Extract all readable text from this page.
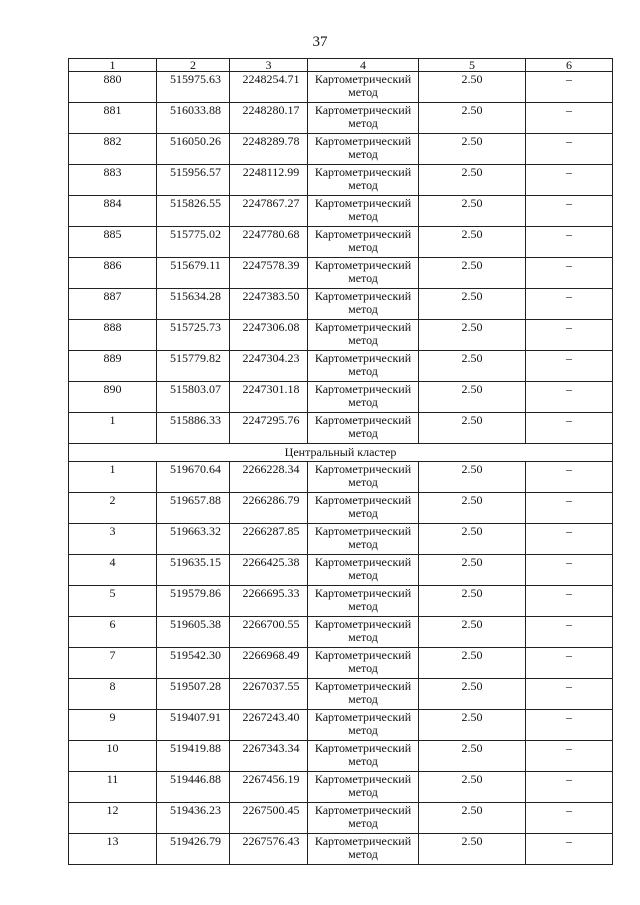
37
1	2	3	4	5	6
880	515975.63	2248254.71	Картометрический метод	2.50	–
881	516033.88	2248280.17	Картометрический метод	2.50	–
882	516050.26	2248289.78	Картометрический метод	2.50	–
883	515956.57	2248112.99	Картометрический метод	2.50	–
884	515826.55	2247867.27	Картометрический метод	2.50	–
885	515775.02	2247780.68	Картометрический метод	2.50	–
886	515679.11	2247578.39	Картометрический метод	2.50	–
887	515634.28	2247383.50	Картометрический метод	2.50	–
888	515725.73	2247306.08	Картометрический метод	2.50	–
889	515779.82	2247304.23	Картометрический метод	2.50	–
890	515803.07	2247301.18	Картометрический метод	2.50	–
1	515886.33	2247295.76	Картометрический метод	2.50	–
Центральный кластер					
1	519670.64	2266228.34	Картометрический метод	2.50	–
2	519657.88	2266286.79	Картометрический метод	2.50	–
3	519663.32	2266287.85	Картометрический метод	2.50	–
4	519635.15	2266425.38	Картометрический метод	2.50	–
5	519579.86	2266695.33	Картометрический метод	2.50	–
6	519605.38	2266700.55	Картометрический метод	2.50	–
7	519542.30	2266968.49	Картометрический метод	2.50	–
8	519507.28	2267037.55	Картометрический метод	2.50	–
9	519407.91	2267243.40	Картометрический метод	2.50	–
10	519419.88	2267343.34	Картометрический метод	2.50	–
11	519446.88	2267456.19	Картометрический метод	2.50	–
12	519436.23	2267500.45	Картометрический метод	2.50	–
13	519426.79	2267576.43	Картометрический метод	2.50	–
